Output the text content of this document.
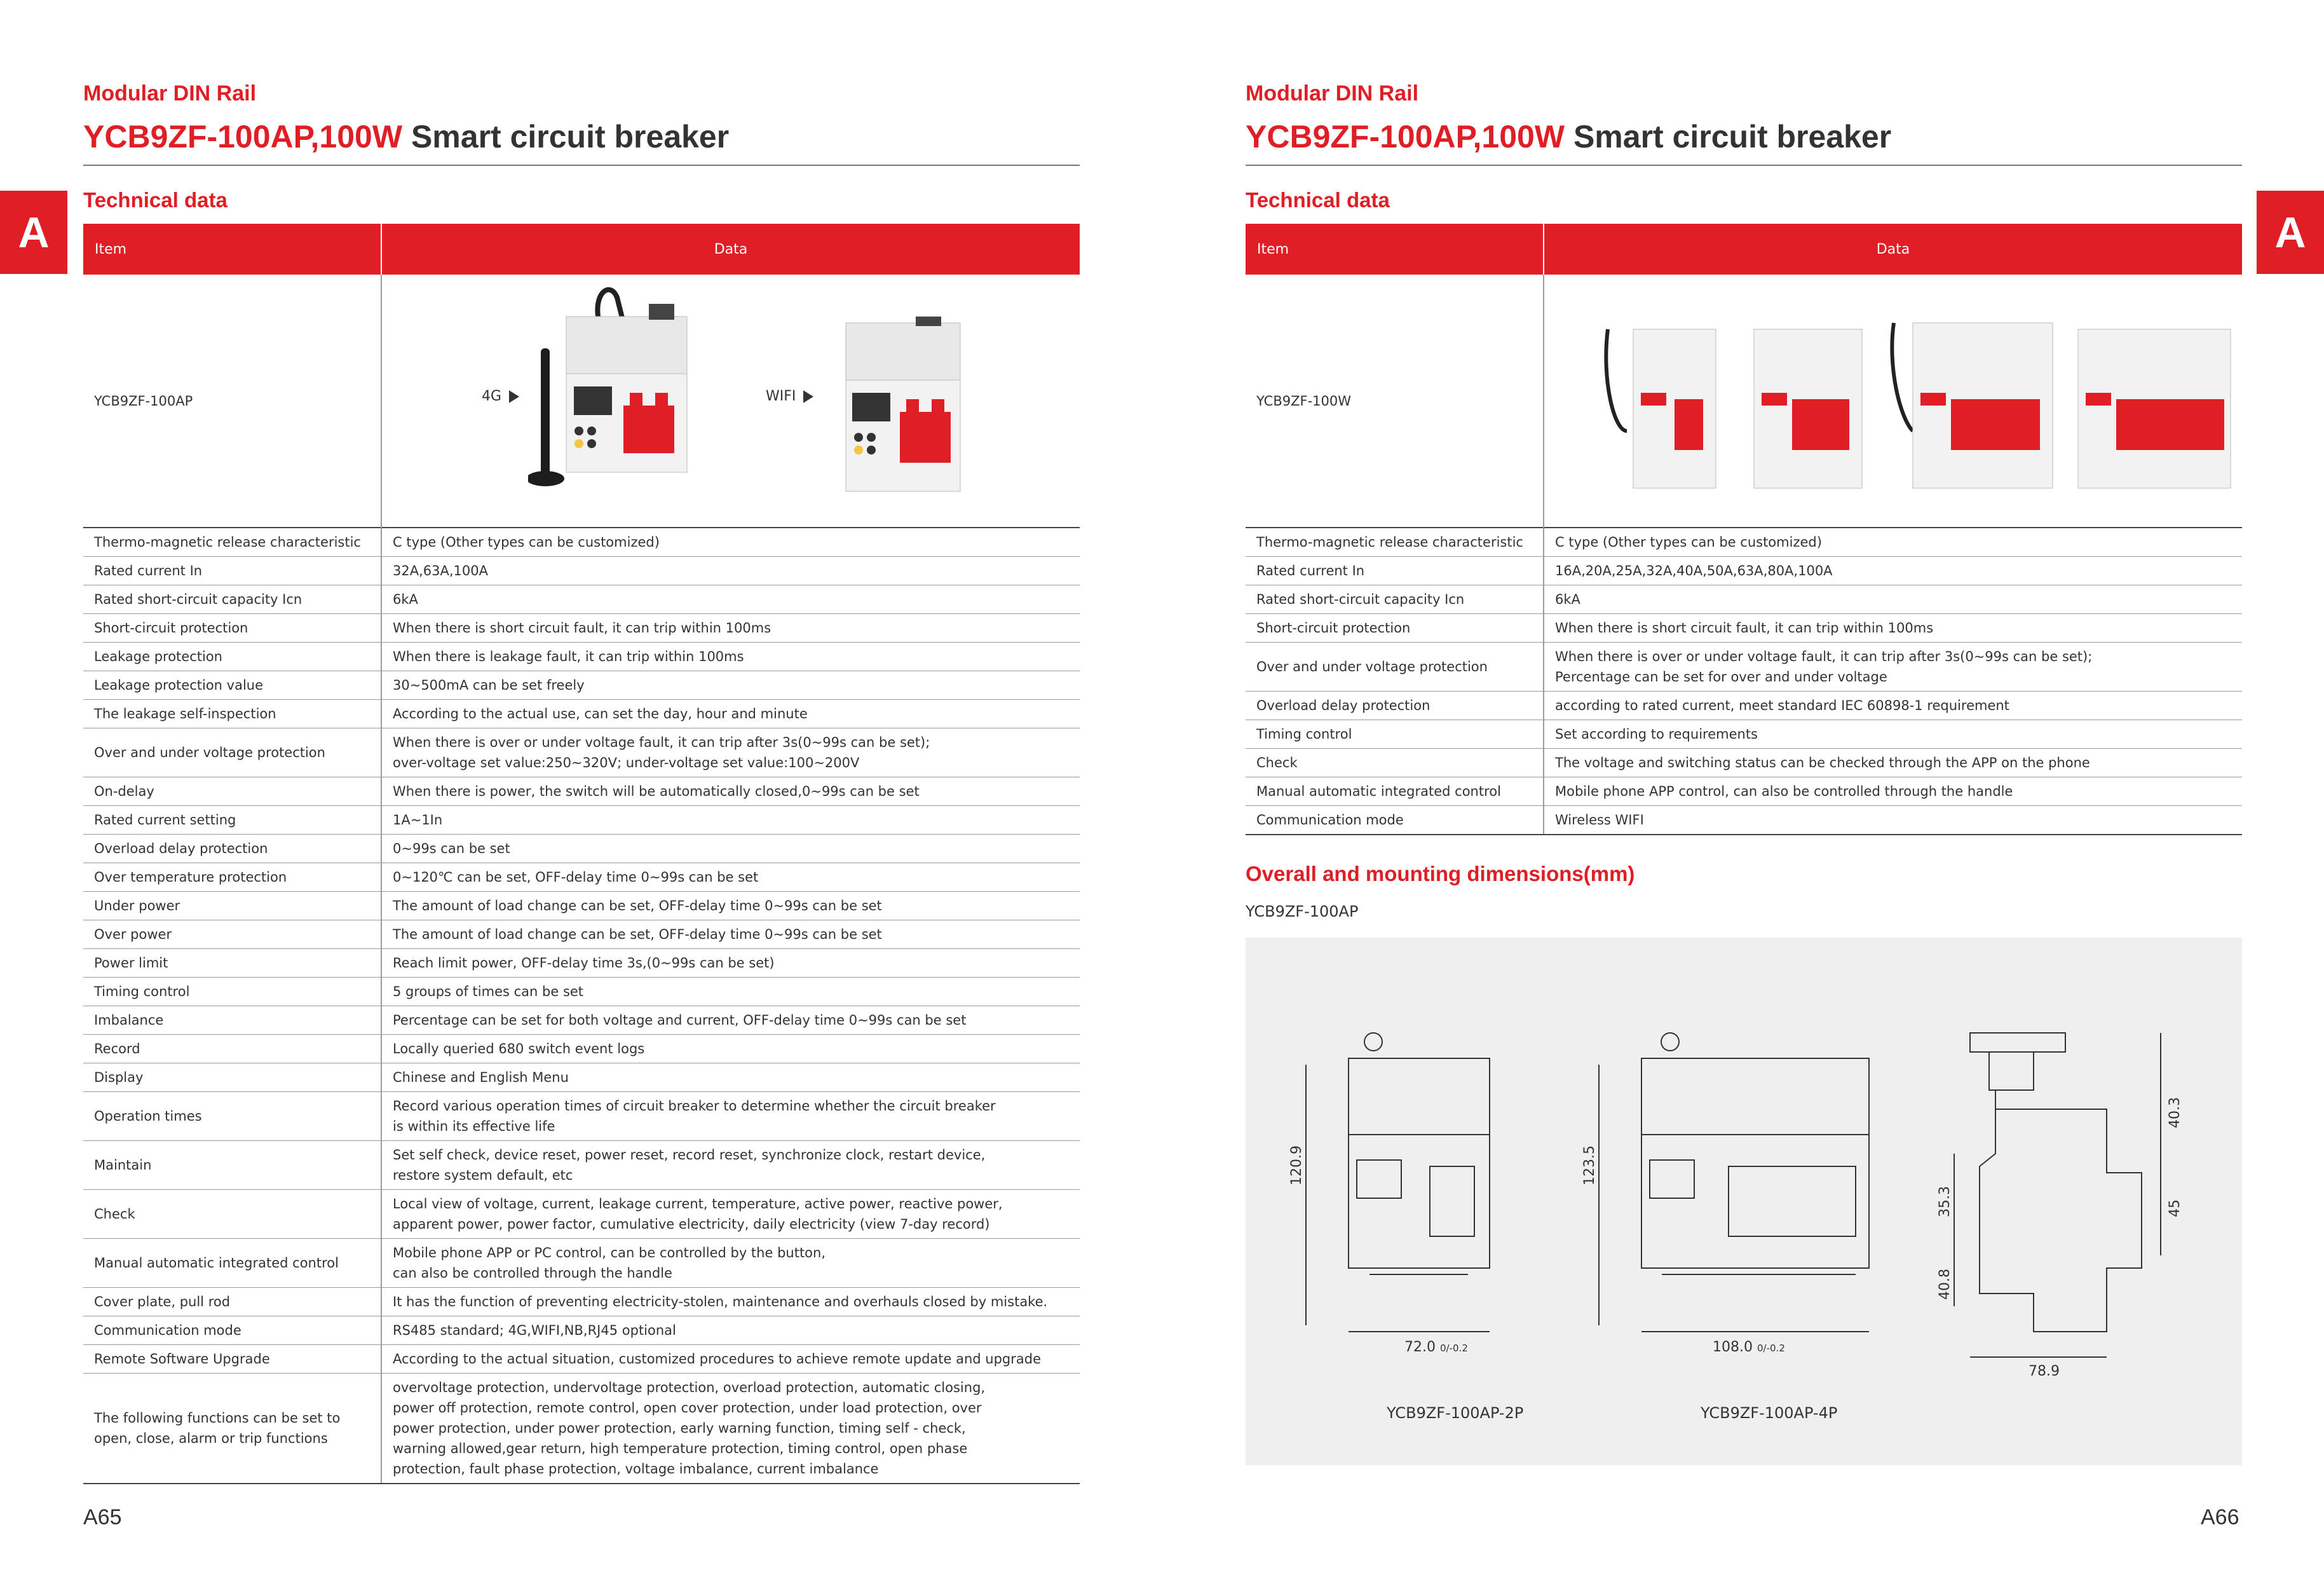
Modular DIN Rail
YCB9ZF-100AP,100W Smart circuit breaker
Technical data
A	Item	Data
YCB9ZF-100AP	4G WIFI

Thermo-magnetic release characteristic	C type (Other types can be customized)

Rated current In	32A,63A,100A

Rated short-circuit capacity Icn	6kA

Short-circuit protection	When there is short circuit fault, it can trip within 100ms

Leakage protection	When there is leakage fault, it can trip within 100ms

Leakage protection value	30~500mA can be set freely

The leakage self-inspection	According to the actual use, can set the day, hour and minute

Over and under voltage protection	When there is over or under voltage fault, it can trip after 3s(0~99s can be set);
over-voltage set value:250~320V; under-voltage set value:100~200V

On-delay	When there is power, the switch will be automatically closed,0~99s can be set

Rated current setting	1A~1In

Overload delay protection	0~99s can be set

Over temperature protection	0~120℃ can be set, OFF-delay time 0~99s can be set

Under power	The amount of load change can be set, OFF-delay time 0~99s can be set

Over power	The amount of load change can be set, OFF-delay time 0~99s can be set

Power limit	Reach limit power, OFF-delay time 3s,(0~99s can be set)

Timing control	5 groups of times can be set

Imbalance	Percentage can be set for both voltage and current, OFF-delay time 0~99s can be set

Record	Locally queried 680 switch event logs

Display	Chinese and English Menu

Operation times	Record various operation times of circuit breaker to determine whether the circuit breaker
is within its effective life

Maintain	Set self check, device reset, power reset, record reset, synchronize clock, restart device,
restore system default, etc

Check	Local view of voltage, current, leakage current, temperature, active power, reactive power,
apparent power, power factor, cumulative electricity, daily electricity (view 7-day record)

Manual automatic integrated control	Mobile phone APP or PC control, can be controlled by the button,
can also be controlled through the handle

Cover plate, pull rod	It has the function of preventing electricity-stolen, maintenance and overhauls closed by mistake.

Communication mode	RS485 standard; 4G,WIFI,NB,RJ45 optional

Remote Software Upgrade	According to the actual situation, customized procedures to achieve remote update and upgrade

The following functions can be set to open, close, alarm or trip functions	overvoltage protection, undervoltage protection, overload protection, automatic closing,
power off protection, remote control, open cover protection, under load protection, over
power protection, under power protection, early warning function, timing self - check,
warning allowed,gear return, high temperature protection, timing control, open phase
protection, fault phase protection, voltage imbalance, current imbalance
A65
Modular DIN Rail
YCB9ZF-100AP,100W Smart circuit breaker
Technical data
A
Item	Data
YCB9ZF-100W	

Thermo-magnetic release characteristic	C type (Other types can be customized)

Rated current In	16A,20A,25A,32A,40A,50A,63A,80A,100A

Rated short-circuit capacity Icn	6kA

Short-circuit protection	When there is short circuit fault, it can trip within 100ms

Over and under voltage protection	When there is over or under voltage fault, it can trip after 3s(0~99s can be set);
Percentage can be set for over and under voltage

Overload delay protection	according to rated current, meet standard IEC 60898-1 requirement

Timing control	Set according to requirements

Check	The voltage and switching status can be checked through the APP on the phone

Manual automatic integrated control	Mobile phone APP control, can also be controlled through the handle

Communication mode	Wireless WIFI
Overall and mounting dimensions(mm)
YCB9ZF-100AP
120.9
72.0 0/-0.2
123.5
108.0 0/-0.2
40.3
35.3	45
40.8
78.9
YCB9ZF-100AP-2P	YCB9ZF-100AP-4P
A66
